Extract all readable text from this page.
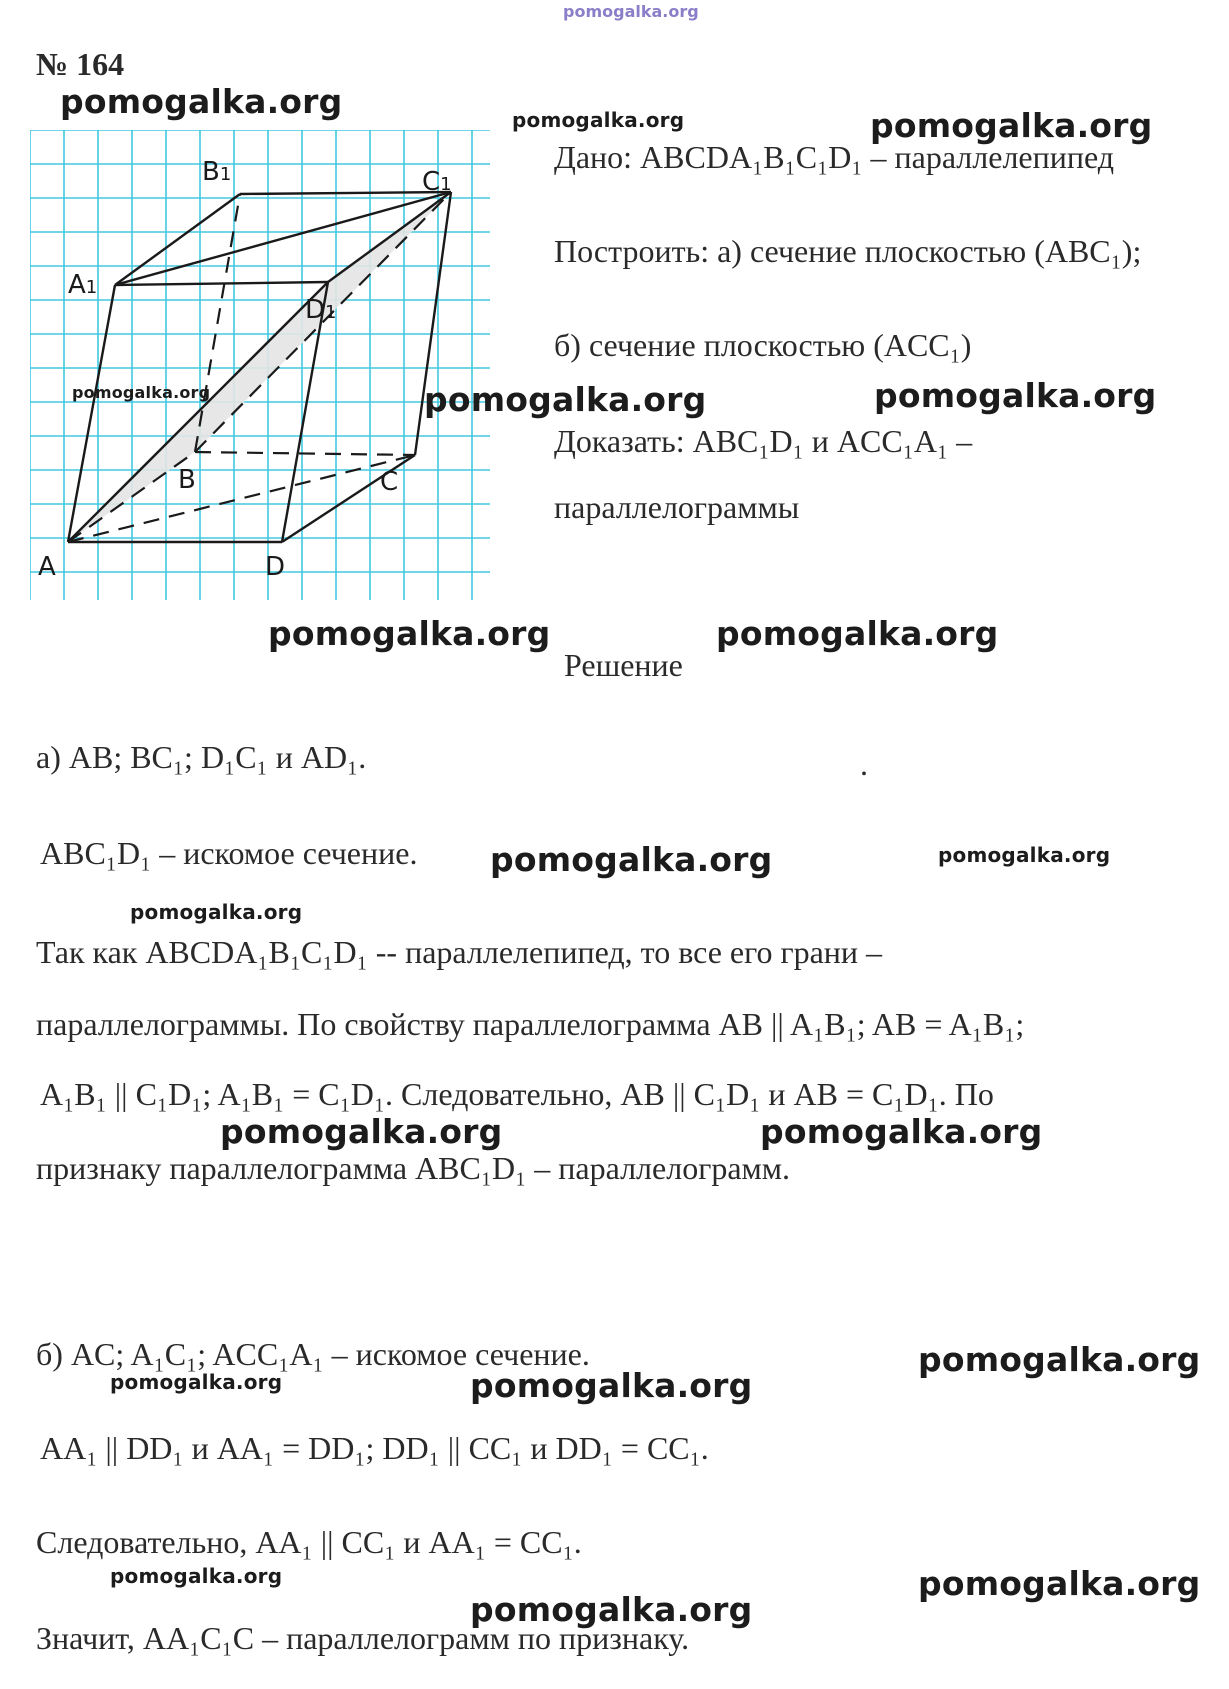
pomogalka.org
№ 164
A	D
B	C
A1
B1	C1
D1
pomogalka.org	pomogalka.org	pomogalka.org
pomogalka.org	pomogalka.org	pomogalka.org
pomogalka.org	pomogalka.org
pomogalka.org	pomogalka.org
pomogalka.org
pomogalka.org	pomogalka.org
pomogalka.org
pomogalka.org	pomogalka.org
pomogalka.org	pomogalka.org
pomogalka.org
Дано: ABCDA₁B₁C₁D₁ – параллелепипед
Построить: а) сечение плоскостью (ABC₁);
б) сечение плоскостью (ACC₁)
Доказать: ABC₁D₁ и ACC₁A₁ –
параллелограммы
Решение
а) AB; BC₁; D₁C₁ и AD₁.	.
ABC₁D₁ – искомое сечение.
Так как ABCDA₁B₁C₁D₁ -- параллелепипед, то все его грани –
параллелограммы. По свойству параллелограмма AB || A₁B₁; AB = A₁B₁;
A₁B₁ || C₁D₁; A₁B₁ = C₁D₁. Следовательно, AB || C₁D₁ и AB = C₁D₁. По
признаку параллелограмма ABC₁D₁ – параллелограмм.
б) AC; A₁C₁; ACC₁A₁ – искомое сечение.
AA₁ || DD₁ и AA₁ = DD₁; DD₁ || CC₁ и DD₁ = CC₁.
Следовательно, AA₁ || CC₁ и AA₁ = CC₁.
Значит, AA₁C₁C – параллелограмм по признаку.
